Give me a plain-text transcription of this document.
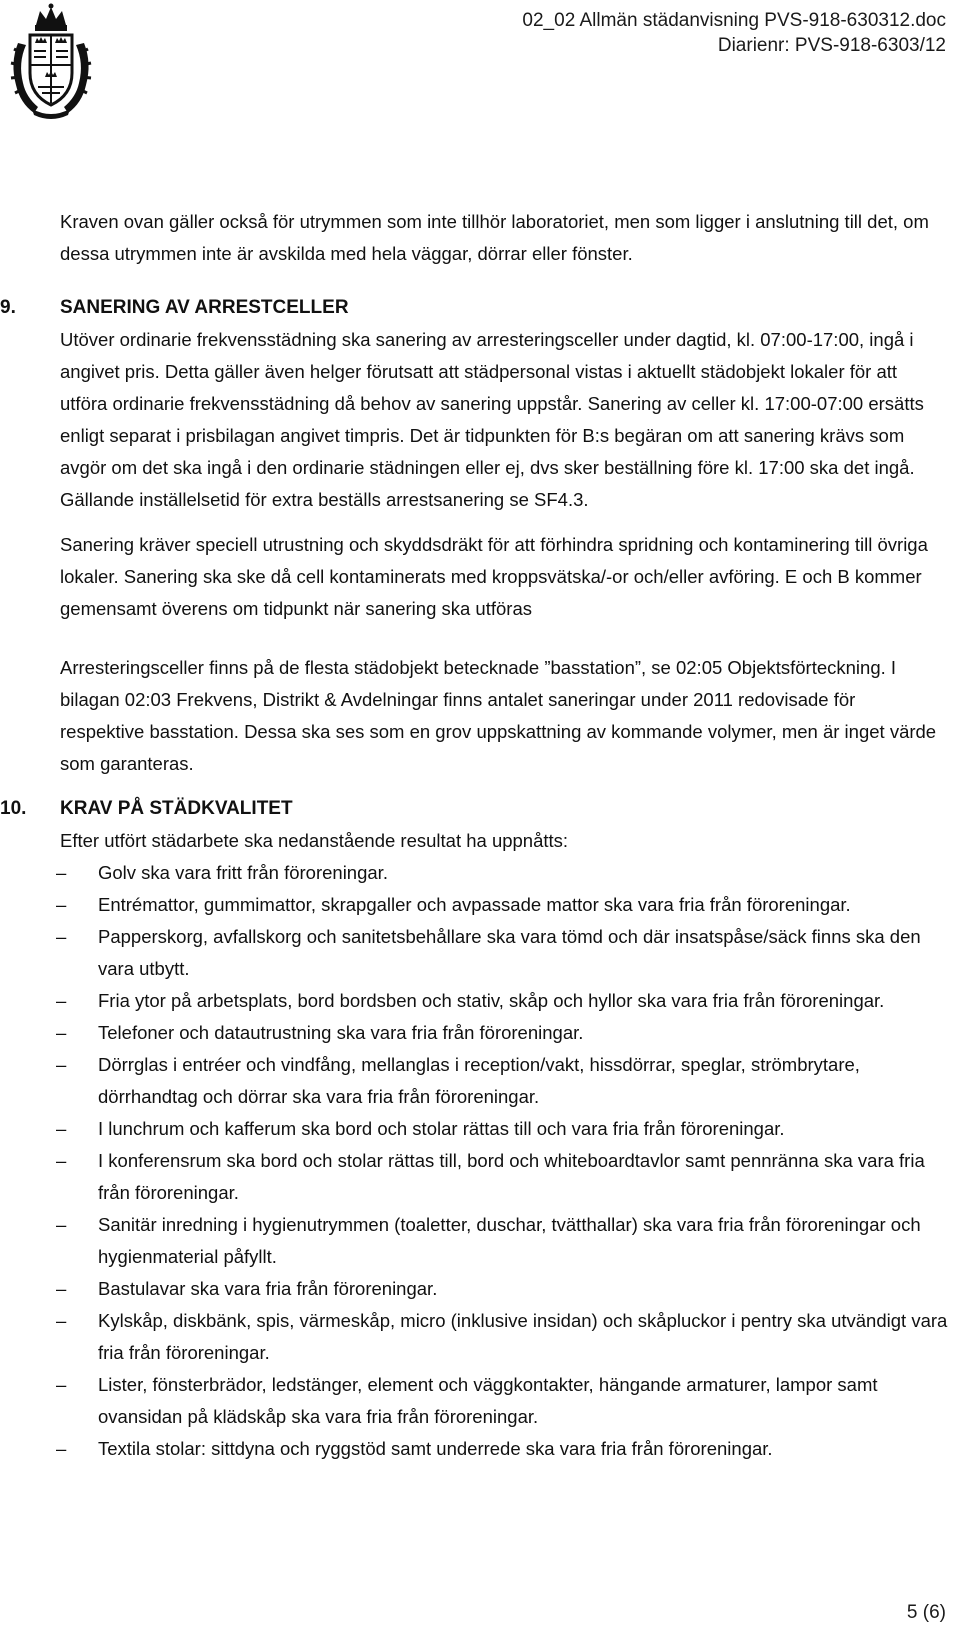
02_02 Allmän städanvisning PVS-918-630312.doc
Diarienr: PVS-918-6303/12

Kraven ovan gäller också för utrymmen som inte tillhör laboratoriet, men som ligger i anslutning till det, om dessa utrymmen inte är avskilda med hela väggar, dörrar eller fönster.

9. SANERING AV ARRESTCELLER

Utöver ordinarie frekvensstädning ska sanering av arresteringsceller under dagtid, kl. 07:00-17:00, ingå i angivet pris. Detta gäller även helger förutsatt att städpersonal vistas i aktuellt städobjekt lokaler för att utföra ordinarie frekvensstädning då behov av sanering uppstår. Sanering av celler kl. 17:00-07:00 ersätts enligt separat i prisbilagan angivet timpris. Det är tidpunkten för B:s begäran om att sanering krävs som avgör om det ska ingå i den ordinarie städningen eller ej, dvs sker beställning före kl. 17:00 ska det ingå. Gällande inställelsetid för extra beställs arrestsanering se SF4.3.

Sanering kräver speciell utrustning och skyddsdräkt för att förhindra spridning och kontaminering till övriga lokaler. Sanering ska ske då cell kontaminerats med kroppsvätska/-or och/eller avföring. E och B kommer gemensamt överens om tidpunkt när sanering ska utföras

Arresteringsceller finns på de flesta städobjekt betecknade ”basstation”, se 02:05 Objektsförteckning. I bilagan 02:03 Frekvens, Distrikt & Avdelningar finns antalet saneringar under 2011 redovisade för respektive basstation. Dessa ska ses som en grov uppskattning av kommande volymer, men är inget värde som garanteras.

10. KRAV PÅ STÄDKVALITET

Efter utfört städarbete ska nedanstående resultat ha uppnåtts:

–	Golv ska vara fritt från föroreningar.
–	Entrémattor, gummimattor, skrapgaller och avpassade mattor ska vara fria från föroreningar.
–	Papperskorg, avfallskorg och sanitetsbehållare ska vara tömd och där insatspåse/säck finns ska den vara utbytt.
–	Fria ytor på arbetsplats, bord bordsben och stativ, skåp och hyllor ska vara fria från föroreningar.
–	Telefoner och datautrustning ska vara fria från föroreningar.
–	Dörrglas i entréer och vindfång, mellanglas i reception/vakt, hissdörrar, speglar, strömbrytare, dörrhandtag och dörrar ska vara fria från föroreningar.
–	I lunchrum och kafferum ska bord och stolar rättas till och vara fria från föroreningar.
–	I konferensrum ska bord och stolar rättas till, bord och whiteboardtavlor samt pennränna ska vara fria från föroreningar.
–	Sanitär inredning i hygienutrymmen (toaletter, duschar, tvätthallar) ska vara fria från föroreningar och hygienmaterial påfyllt.
–	Bastulavar ska vara fria från föroreningar.
–	Kylskåp, diskbänk, spis, värmeskåp, micro (inklusive insidan) och skåpluckor i pentry ska utvändigt vara fria från föroreningar.
–	Lister, fönsterbrädor, ledstänger, element och väggkontakter, hängande armaturer, lampor samt ovansidan på klädskåp ska vara fria från föroreningar.
–	Textila stolar: sittdyna och ryggstöd samt underrede ska vara fria från föroreningar.
5 (6)
